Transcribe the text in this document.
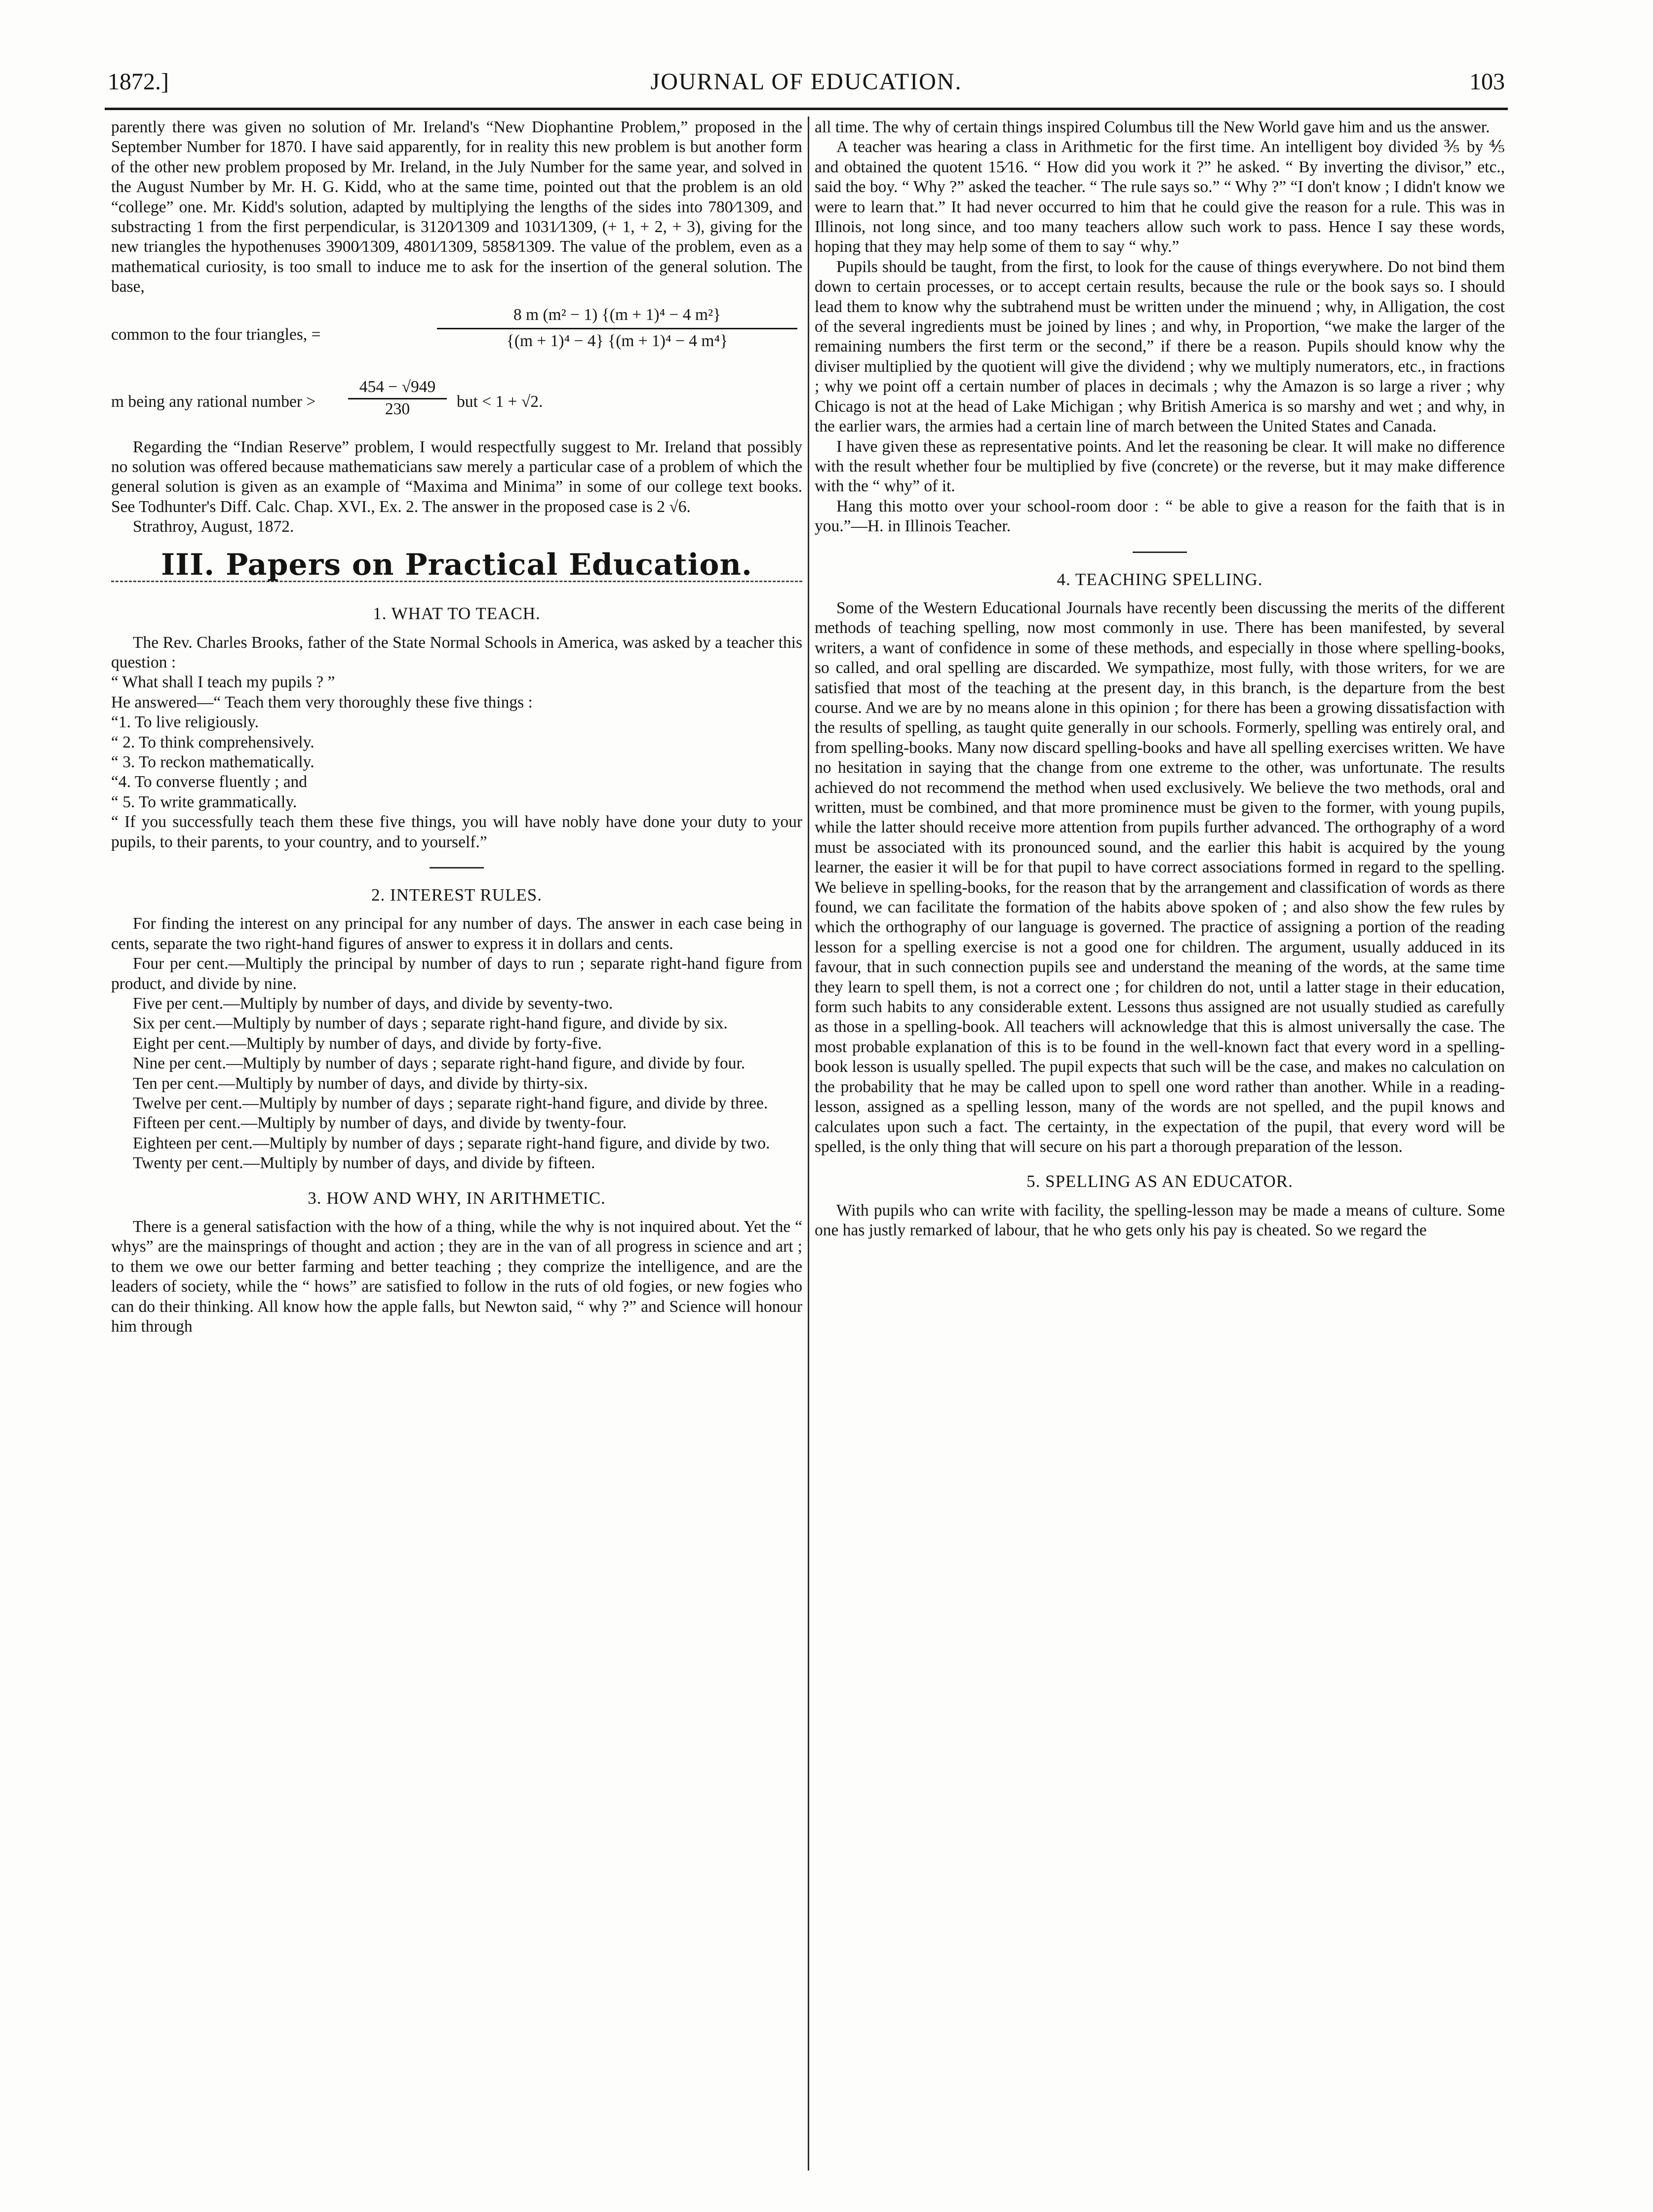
1872.]	JOURNAL OF EDUCATION.	103

parently there was given no solution of Mr. Ireland's “New Diophantine Problem,” proposed in the September Number for 1870. I have said apparently, for in reality this new problem is but another form of the other new problem proposed by Mr. Ireland, in the July Number for the same year, and solved in the August Number by Mr. H. G. Kidd, who at the same time, pointed out that the problem is an old “college” one. Mr. Kidd's solution, adapted by multiplying the lengths of the sides into 780⁄1309, and substracting 1 from the first perpendicular, is 3120⁄1309 and 1031⁄1309, (+ 1, + 2, + 3), giving for the new triangles the hypothenuses 3900⁄1309, 4801⁄1309, 5858⁄1309. The value of the problem, even as a mathematical curiosity, is too small to induce me to ask for the insertion of the general solution. The base,

common to the four triangles, =	$\frac{\text{8 m (m² − 1) \{(m + 1)⁴ − 4 m²\}}}{\text{\{(m + 1)⁴ − 4\} \{(m + 1)⁴ − 4 m⁴\}}}$
m being any rational number > $\frac{454 - √949}{230}$ but < 1 + √2.

Regarding the “Indian Reserve” problem, I would respectfully suggest to Mr. Ireland that possibly no solution was offered because mathematicians saw merely a particular case of a problem of which the general solution is given as an example of “Maxima and Minima” in some of our college text books. See Todhunter's Diff. Calc. Chap. XVI., Ex. 2. The answer in the proposed case is 2 √6.

Strathroy, August, 1872.

III. Papers on Practical Education.
1. WHAT TO TEACH.

The Rev. Charles Brooks, father of the State Normal Schools in America, was asked by a teacher this question :

“ What shall I teach my pupils ? ”

He answered—“ Teach them very thoroughly these five things :

“1. To live religiously.

“ 2. To think comprehensively.

“ 3. To reckon mathematically.

“4. To converse fluently ; and

“ 5. To write grammatically.

“ If you successfully teach them these five things, you will have nobly have done your duty to your pupils, to their parents, to your country, and to yourself.”

2. INTEREST RULES.

For finding the interest on any principal for any number of days. The answer in each case being in cents, separate the two right-hand figures of answer to express it in dollars and cents.

Four per cent.—Multiply the principal by number of days to run ; separate right-hand figure from product, and divide by nine.

Five per cent.—Multiply by number of days, and divide by seventy-two.

Six per cent.—Multiply by number of days ; separate right-hand figure, and divide by six.

Eight per cent.—Multiply by number of days, and divide by forty-five.

Nine per cent.—Multiply by number of days ; separate right-hand figure, and divide by four.

Ten per cent.—Multiply by number of days, and divide by thirty-six.

Twelve per cent.—Multiply by number of days ; separate right-hand figure, and divide by three.

Fifteen per cent.—Multiply by number of days, and divide by twenty-four.

Eighteen per cent.—Multiply by number of days ; separate right-hand figure, and divide by two.

Twenty per cent.—Multiply by number of days, and divide by fifteen.

3. HOW AND WHY, IN ARITHMETIC.

There is a general satisfaction with the how of a thing, while the why is not inquired about. Yet the “ whys” are the mainsprings of thought and action ; they are in the van of all progress in science and art ; to them we owe our better farming and better teaching ; they comprize the intelligence, and are the leaders of society, while the “ hows” are satisfied to follow in the ruts of old fogies, or new fogies who can do their thinking. All know how the apple falls, but Newton said, “ why ?” and Science will honour him through

all time. The why of certain things inspired Columbus till the New World gave him and us the answer.

A teacher was hearing a class in Arithmetic for the first time. An intelligent boy divided ⅗ by ⅘ and obtained the quotent 15⁄16. “ How did you work it ?” he asked. “ By inverting the divisor,” etc., said the boy. “ Why ?” asked the teacher. “ The rule says so.” “ Why ?” “I don't know ; I didn't know we were to learn that.” It had never occurred to him that he could give the reason for a rule. This was in Illinois, not long since, and too many teachers allow such work to pass. Hence I say these words, hoping that they may help some of them to say “ why.”

Pupils should be taught, from the first, to look for the cause of things everywhere. Do not bind them down to certain processes, or to accept certain results, because the rule or the book says so. I should lead them to know why the subtrahend must be written under the minuend ; why, in Alligation, the cost of the several ingredients must be joined by lines ; and why, in Proportion, “we make the larger of the remaining numbers the first term or the second,” if there be a reason. Pupils should know why the diviser multiplied by the quotient will give the dividend ; why we multiply numerators, etc., in fractions ; why we point off a certain number of places in decimals ; why the Amazon is so large a river ; why Chicago is not at the head of Lake Michigan ; why British America is so marshy and wet ; and why, in the earlier wars, the armies had a certain line of march between the United States and Canada.

I have given these as representative points. And let the reasoning be clear. It will make no difference with the result whether four be multiplied by five (concrete) or the reverse, but it may make difference with the “ why” of it.

Hang this motto over your school-room door : “ be able to give a reason for the faith that is in you.”—H. in Illinois Teacher.

4. TEACHING SPELLING.

Some of the Western Educational Journals have recently been discussing the merits of the different methods of teaching spelling, now most commonly in use. There has been manifested, by several writers, a want of confidence in some of these methods, and especially in those where spelling-books, so called, and oral spelling are discarded. We sympathize, most fully, with those writers, for we are satisfied that most of the teaching at the present day, in this branch, is the departure from the best course. And we are by no means alone in this opinion ; for there has been a growing dissatisfaction with the results of spelling, as taught quite generally in our schools. Formerly, spelling was entirely oral, and from spelling-books. Many now discard spelling-books and have all spelling exercises written. We have no hesitation in saying that the change from one extreme to the other, was unfortunate. The results achieved do not recommend the method when used exclusively. We believe the two methods, oral and written, must be combined, and that more prominence must be given to the former, with young pupils, while the latter should receive more attention from pupils further advanced. The orthography of a word must be associated with its pronounced sound, and the earlier this habit is acquired by the young learner, the easier it will be for that pupil to have correct associations formed in regard to the spelling. We believe in spelling-books, for the reason that by the arrangement and classification of words as there found, we can facilitate the formation of the habits above spoken of ; and also show the few rules by which the orthography of our language is governed. The practice of assigning a portion of the reading lesson for a spelling exercise is not a good one for children. The argument, usually adduced in its favour, that in such connection pupils see and understand the meaning of the words, at the same time they learn to spell them, is not a correct one ; for children do not, until a latter stage in their education, form such habits to any considerable extent. Lessons thus assigned are not usually studied as carefully as those in a spelling-book. All teachers will acknowledge that this is almost universally the case. The most probable explanation of this is to be found in the well-known fact that every word in a spelling-book lesson is usually spelled. The pupil expects that such will be the case, and makes no calculation on the probability that he may be called upon to spell one word rather than another. While in a reading-lesson, assigned as a spelling lesson, many of the words are not spelled, and the pupil knows and calculates upon such a fact. The certainty, in the expectation of the pupil, that every word will be spelled, is the only thing that will secure on his part a thorough preparation of the lesson.

5. SPELLING AS AN EDUCATOR.

With pupils who can write with facility, the spelling-lesson may be made a means of culture. Some one has justly remarked of labour, that he who gets only his pay is cheated. So we regard the
